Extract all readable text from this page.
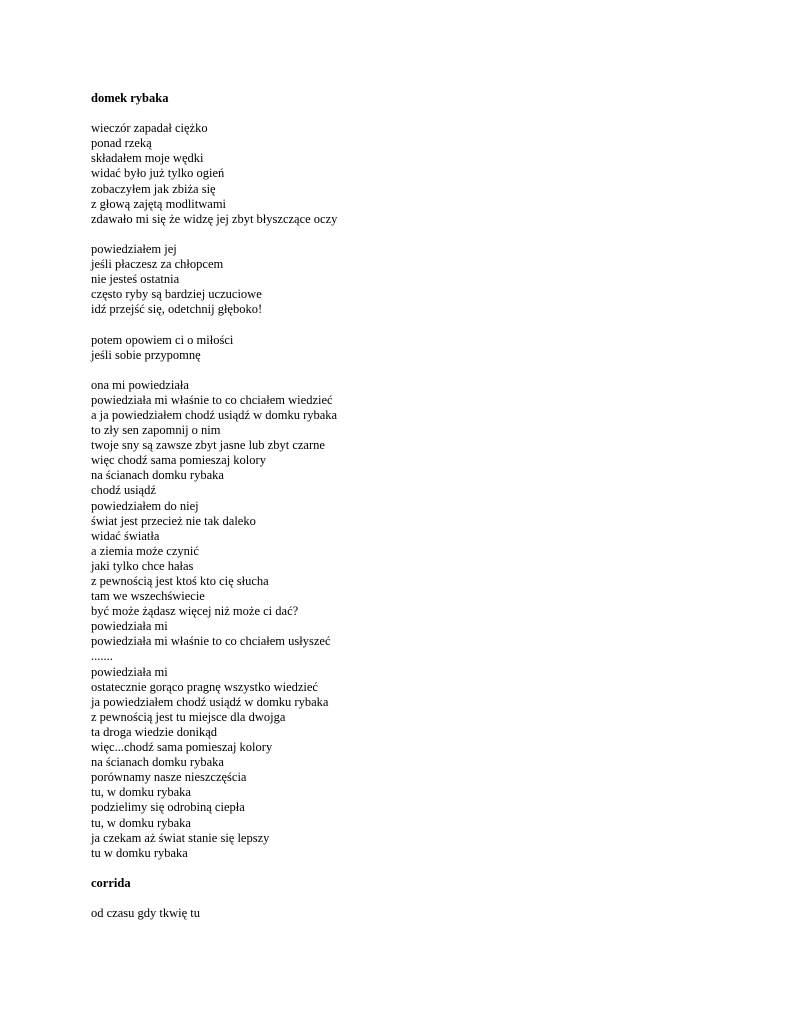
domek rybaka

wieczór zapadał ciężko

ponad rzeką

składałem moje wędki

widać było już tylko ogień

zobaczyłem jak zbiża się

z głową zajętą modlitwami

zdawało mi się że widzę jej zbyt błyszczące oczy

powiedziałem jej

jeśli płaczesz za chłopcem

nie jesteś ostatnia

często ryby są bardziej uczuciowe

idź przejść się, odetchnij głęboko!

potem opowiem ci o miłości

jeśli sobie przypomnę

ona mi powiedziała

powiedziała mi właśnie to co chciałem wiedzieć

a ja powiedziałem chodź usiądź w domku rybaka

to zły sen zapomnij o nim

twoje sny są zawsze zbyt jasne lub zbyt czarne

więc chodź sama pomieszaj kolory

na ścianach domku rybaka

chodź usiądź

powiedziałem do niej

świat jest przecież nie tak daleko

widać światła

a ziemia może czynić

jaki tylko chce hałas

z pewnością jest ktoś kto cię słucha

tam we wszechświecie

być może żądasz więcej niż może ci dać?

powiedziała mi

powiedziała mi właśnie to co chciałem usłyszeć

.......

powiedziała mi

ostatecznie gorąco pragnę wszystko wiedzieć

ja powiedziałem chodź usiądź w domku rybaka

z pewnością jest tu miejsce dla dwojga

ta droga wiedzie donikąd

więc...chodź sama pomieszaj kolory

na ścianach domku rybaka

porównamy nasze nieszczęścia

tu, w domku rybaka

podzielimy się odrobiną ciepła

tu, w domku rybaka

ja czekam aż świat stanie się lepszy

tu w domku rybaka

corrida

od czasu gdy tkwię tu
